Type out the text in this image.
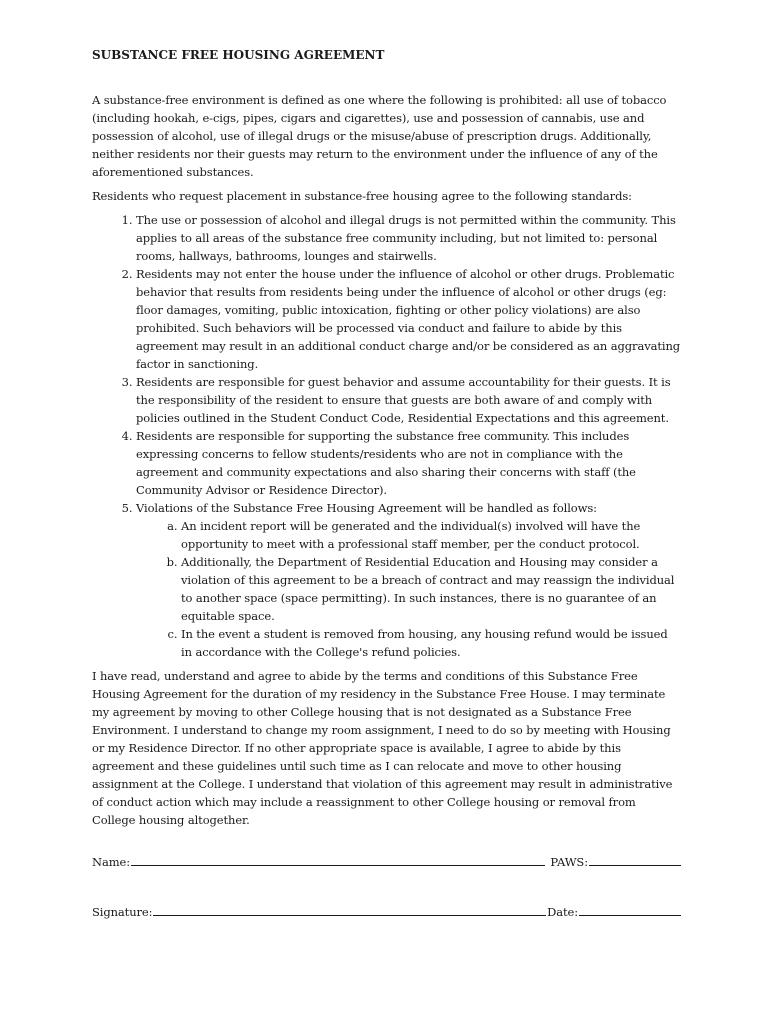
SUBSTANCE FREE HOUSING AGREEMENT

A substance-free environment is defined as one where the following is prohibited: all use of tobacco (including hookah, e-cigs, pipes, cigars and cigarettes), use and possession of cannabis, use and possession of alcohol, use of illegal drugs or the misuse/abuse of prescription drugs. Additionally, neither residents nor their guests may return to the environment under the influence of any of the aforementioned substances.

Residents who request placement in substance-free housing agree to the following standards:

1. The use or possession of alcohol and illegal drugs is not permitted within the community. This applies to all areas of the substance free community including, but not limited to: personal rooms, hallways, bathrooms, lounges and stairwells.
2. Residents may not enter the house under the influence of alcohol or other drugs. Problematic behavior that results from residents being under the influence of alcohol or other drugs (eg: floor damages, vomiting, public intoxication, fighting or other policy violations) are also prohibited. Such behaviors will be processed via conduct and failure to abide by this agreement may result in an additional conduct charge and/or be considered as an aggravating factor in sanctioning.
3. Residents are responsible for guest behavior and assume accountability for their guests. It is the responsibility of the resident to ensure that guests are both aware of and comply with policies outlined in the Student Conduct Code, Residential Expectations and this agreement.
4. Residents are responsible for supporting the substance free community. This includes expressing concerns to fellow students/residents who are not in compliance with the agreement and community expectations and also sharing their concerns with staff (the Community Advisor or Residence Director).
5. Violations of the Substance Free Housing Agreement will be handled as follows:
a. An incident report will be generated and the individual(s) involved will have the opportunity to meet with a professional staff member, per the conduct protocol.
b. Additionally, the Department of Residential Education and Housing may consider a violation of this agreement to be a breach of contract and may reassign the individual to another space (space permitting). In such instances, there is no guarantee of an equitable space.
c. In the event a student is removed from housing, any housing refund would be issued in accordance with the College's refund policies.

I have read, understand and agree to abide by the terms and conditions of this Substance Free Housing Agreement for the duration of my residency in the Substance Free House. I may terminate my agreement by moving to other College housing that is not designated as a Substance Free Environment. I understand to change my room assignment, I need to do so by meeting with Housing or my Residence Director. If no other appropriate space is available, I agree to abide by this agreement and these guidelines until such time as I can relocate and move to other housing assignment at the College. I understand that violation of this agreement may result in administrative of conduct action which may include a reassignment to other College housing or removal from College housing altogether.

Name:	PAWS:
Signature:	Date:
